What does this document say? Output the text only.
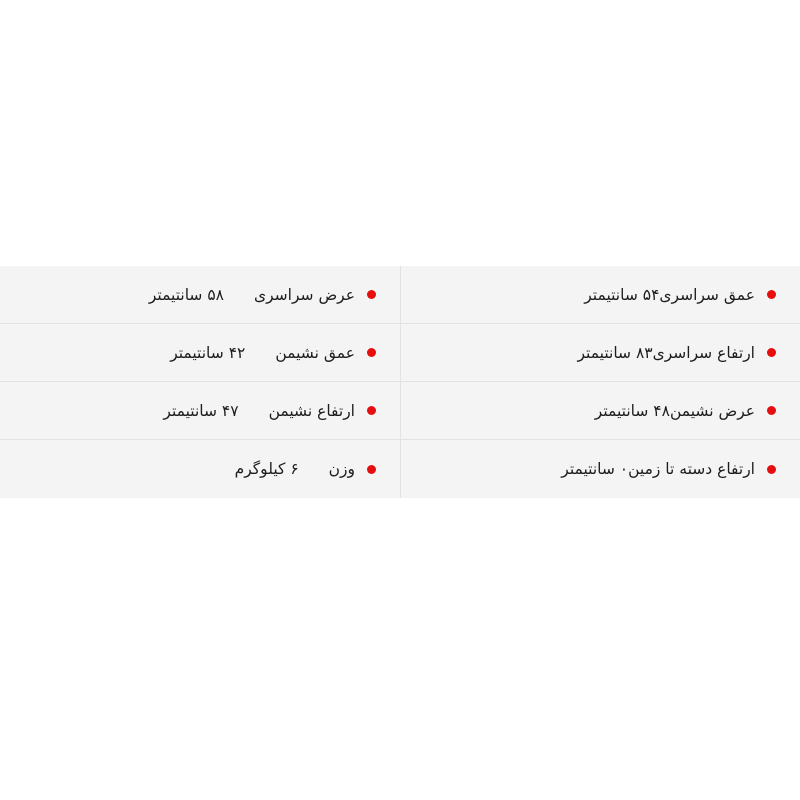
عمق سراسری
۵۴ سانتیمتر
عرض سراسری
۵۸ سانتیمتر
ارتفاع سراسری
۸۳ سانتیمتر
عمق نشیمن
۴۲ سانتیمتر
عرض نشیمن
۴۸ سانتیمتر
ارتفاع نشیمن
۴۷ سانتیمتر
ارتفاع دسته تا زمین
۰ سانتیمتر
وزن
۶ کیلوگرم
